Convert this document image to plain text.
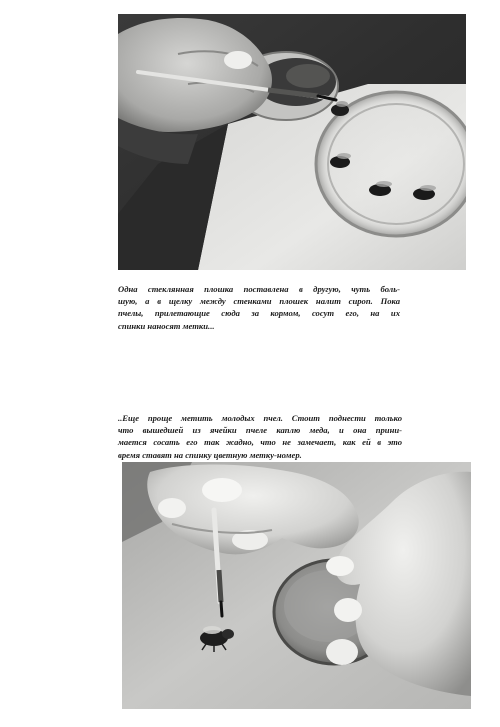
Одна стеклянная плошка поставлена в другую, чуть боль-
шую, а в щелку между стенками плошек налит сироп. Пока
пчелы, прилетающие сюда за кормом, сосут его, на их
спинки наносят метки...

..Еще проще метить молодых пчел. Стоит поднести только
что вышедшей из ячейки пчеле каплю меда, и она прини-
мается сосать его так жадно, что не замечает, как ей в это
время ставят на спинку цветную метку-номер.
